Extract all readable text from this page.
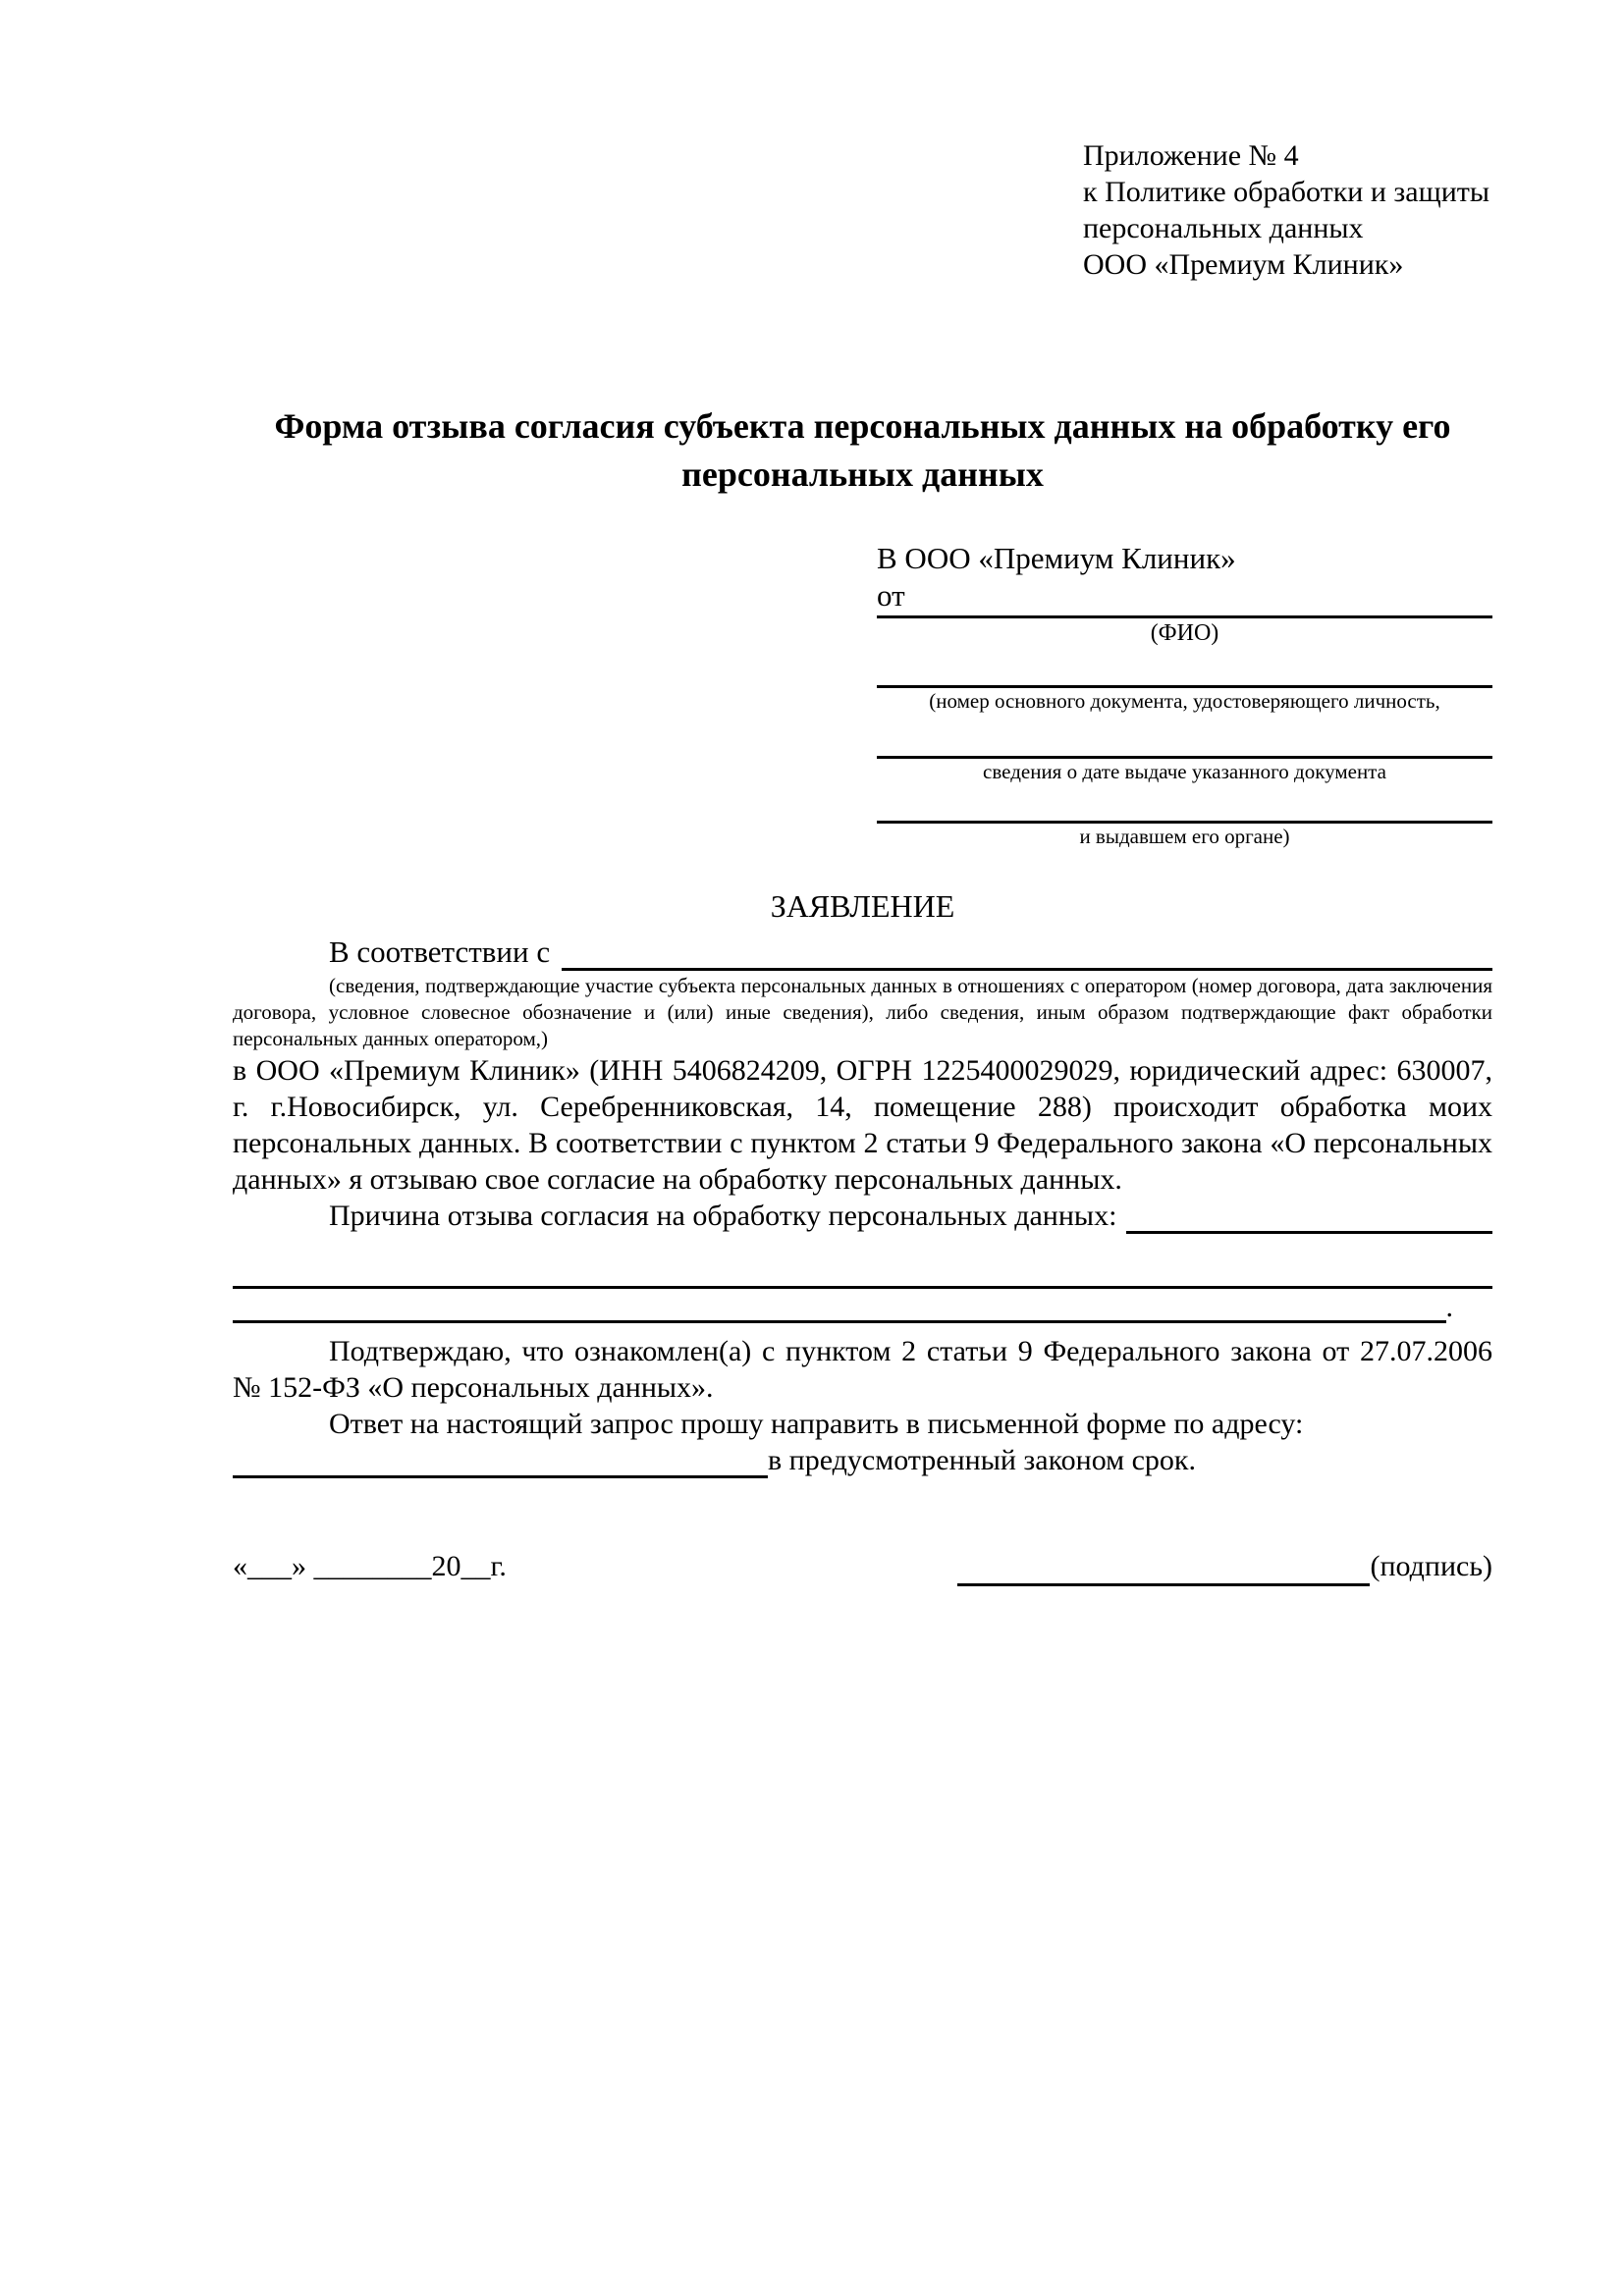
Приложение № 4
к Политике обработки и защиты
персональных данных
ООО «Премиум Клиник»
Форма отзыва согласия субъекта персональных данных на обработку его персональных данных
В ООО «Премиум Клиник»
от
(ФИО)
(номер основного документа, удостоверяющего личность,
сведения о дате выдаче указанного документа
и выдавшем его органе)
ЗАЯВЛЕНИЕ
В соответствии с
(сведения, подтверждающие участие субъекта персональных данных в отношениях с оператором (номер договора, дата заключения договора, условное словесное обозначение и (или) иные сведения), либо сведения, иным образом подтверждающие факт обработки персональных данных оператором,)
в ООО «Премиум Клиник» (ИНН 5406824209, ОГРН 1225400029029, юридический адрес: 630007, г. г.Новосибирск, ул. Серебренниковская, 14, помещение 288) происходит обработка моих персональных данных. В соответствии с пунктом 2 статьи 9 Федерального закона «О персональных данных» я отзываю свое согласие на обработку персональных данных.
Причина отзыва согласия на обработку персональных данных:
.
Подтверждаю, что ознакомлен(а) с пунктом 2 статьи 9 Федерального закона от 27.07.2006 № 152-ФЗ «О персональных данных».
Ответ на настоящий запрос прошу направить в письменной форме по адресу:
в предусмотренный законом срок.
«___» ________20__г.	(подпись)
